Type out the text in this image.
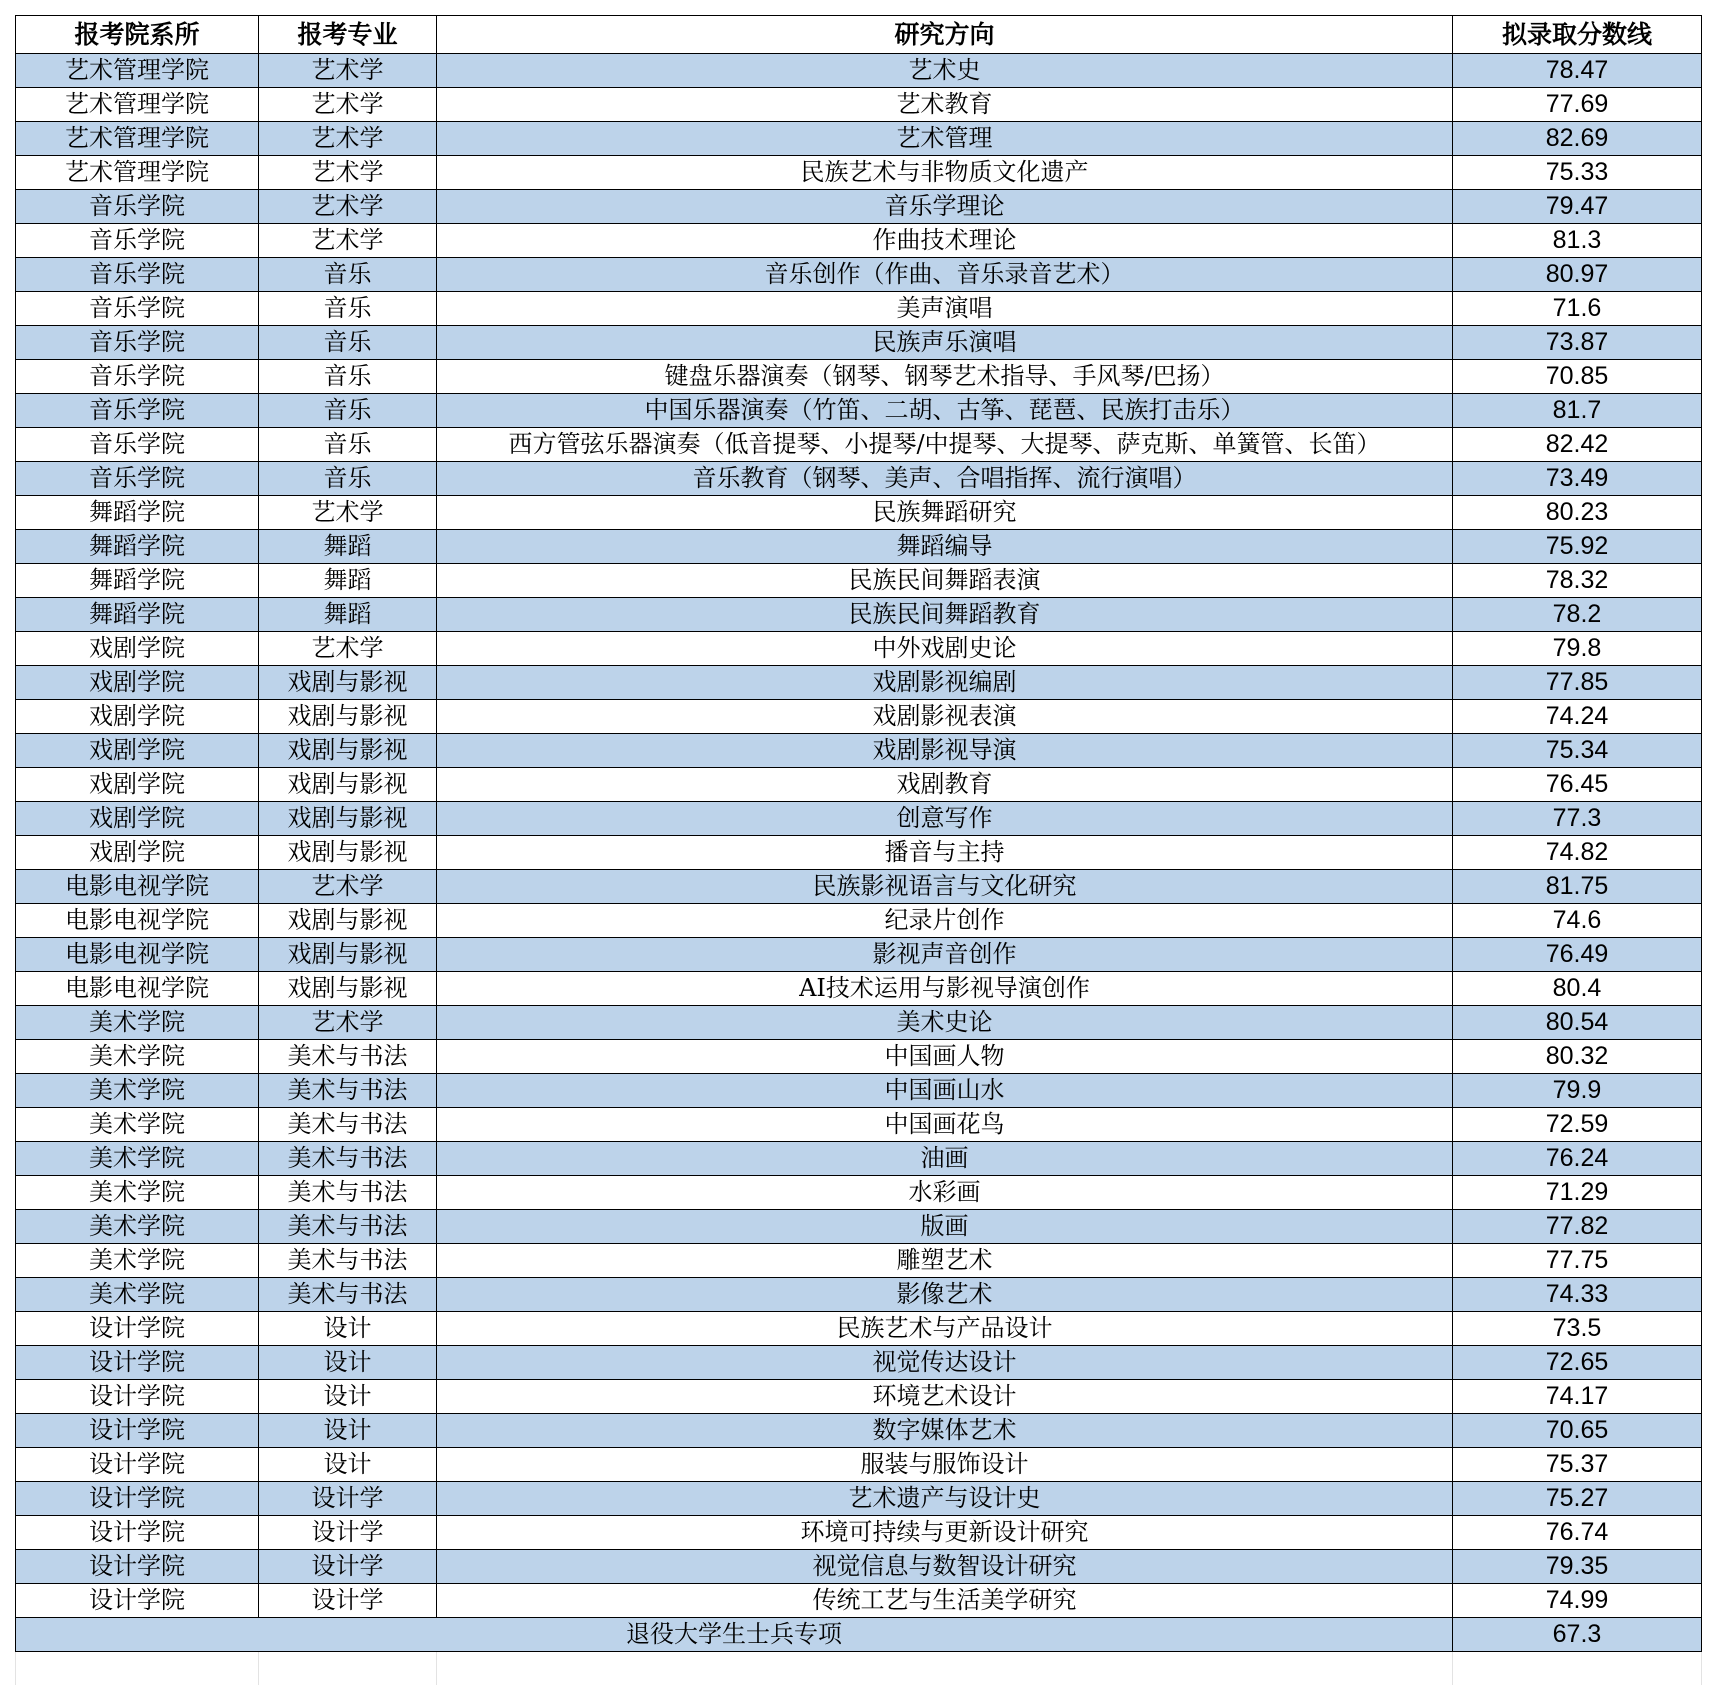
报考院系所	报考专业	研究方向	拟录取分数线
艺术管理学院	艺术学	艺术史	78.47
艺术管理学院	艺术学	艺术教育	77.69
艺术管理学院	艺术学	艺术管理	82.69
艺术管理学院	艺术学	民族艺术与非物质文化遗产	75.33
音乐学院	艺术学	音乐学理论	79.47
音乐学院	艺术学	作曲技术理论	81.3
音乐学院	音乐	音乐创作（作曲、音乐录音艺术）	80.97
音乐学院	音乐	美声演唱	71.6
音乐学院	音乐	民族声乐演唱	73.87
音乐学院	音乐	键盘乐器演奏（钢琴、钢琴艺术指导、手风琴/巴扬）	70.85
音乐学院	音乐	中国乐器演奏（竹笛、二胡、古筝、琵琶、民族打击乐）	81.7
音乐学院	音乐	西方管弦乐器演奏（低音提琴、小提琴/中提琴、大提琴、萨克斯、单簧管、长笛）	82.42
音乐学院	音乐	音乐教育（钢琴、美声、合唱指挥、流行演唱）	73.49
舞蹈学院	艺术学	民族舞蹈研究	80.23
舞蹈学院	舞蹈	舞蹈编导	75.92
舞蹈学院	舞蹈	民族民间舞蹈表演	78.32
舞蹈学院	舞蹈	民族民间舞蹈教育	78.2
戏剧学院	艺术学	中外戏剧史论	79.8
戏剧学院	戏剧与影视	戏剧影视编剧	77.85
戏剧学院	戏剧与影视	戏剧影视表演	74.24
戏剧学院	戏剧与影视	戏剧影视导演	75.34
戏剧学院	戏剧与影视	戏剧教育	76.45
戏剧学院	戏剧与影视	创意写作	77.3
戏剧学院	戏剧与影视	播音与主持	74.82
电影电视学院	艺术学	民族影视语言与文化研究	81.75
电影电视学院	戏剧与影视	纪录片创作	74.6
电影电视学院	戏剧与影视	影视声音创作	76.49
电影电视学院	戏剧与影视	AI技术运用与影视导演创作	80.4
美术学院	艺术学	美术史论	80.54
美术学院	美术与书法	中国画人物	80.32
美术学院	美术与书法	中国画山水	79.9
美术学院	美术与书法	中国画花鸟	72.59
美术学院	美术与书法	油画	76.24
美术学院	美术与书法	水彩画	71.29
美术学院	美术与书法	版画	77.82
美术学院	美术与书法	雕塑艺术	77.75
美术学院	美术与书法	影像艺术	74.33
设计学院	设计	民族艺术与产品设计	73.5
设计学院	设计	视觉传达设计	72.65
设计学院	设计	环境艺术设计	74.17
设计学院	设计	数字媒体艺术	70.65
设计学院	设计	服装与服饰设计	75.37
设计学院	设计学	艺术遗产与设计史	75.27
设计学院	设计学	环境可持续与更新设计研究	76.74
设计学院	设计学	视觉信息与数智设计研究	79.35
设计学院	设计学	传统工艺与生活美学研究	74.99
退役大学生士兵专项			67.3
